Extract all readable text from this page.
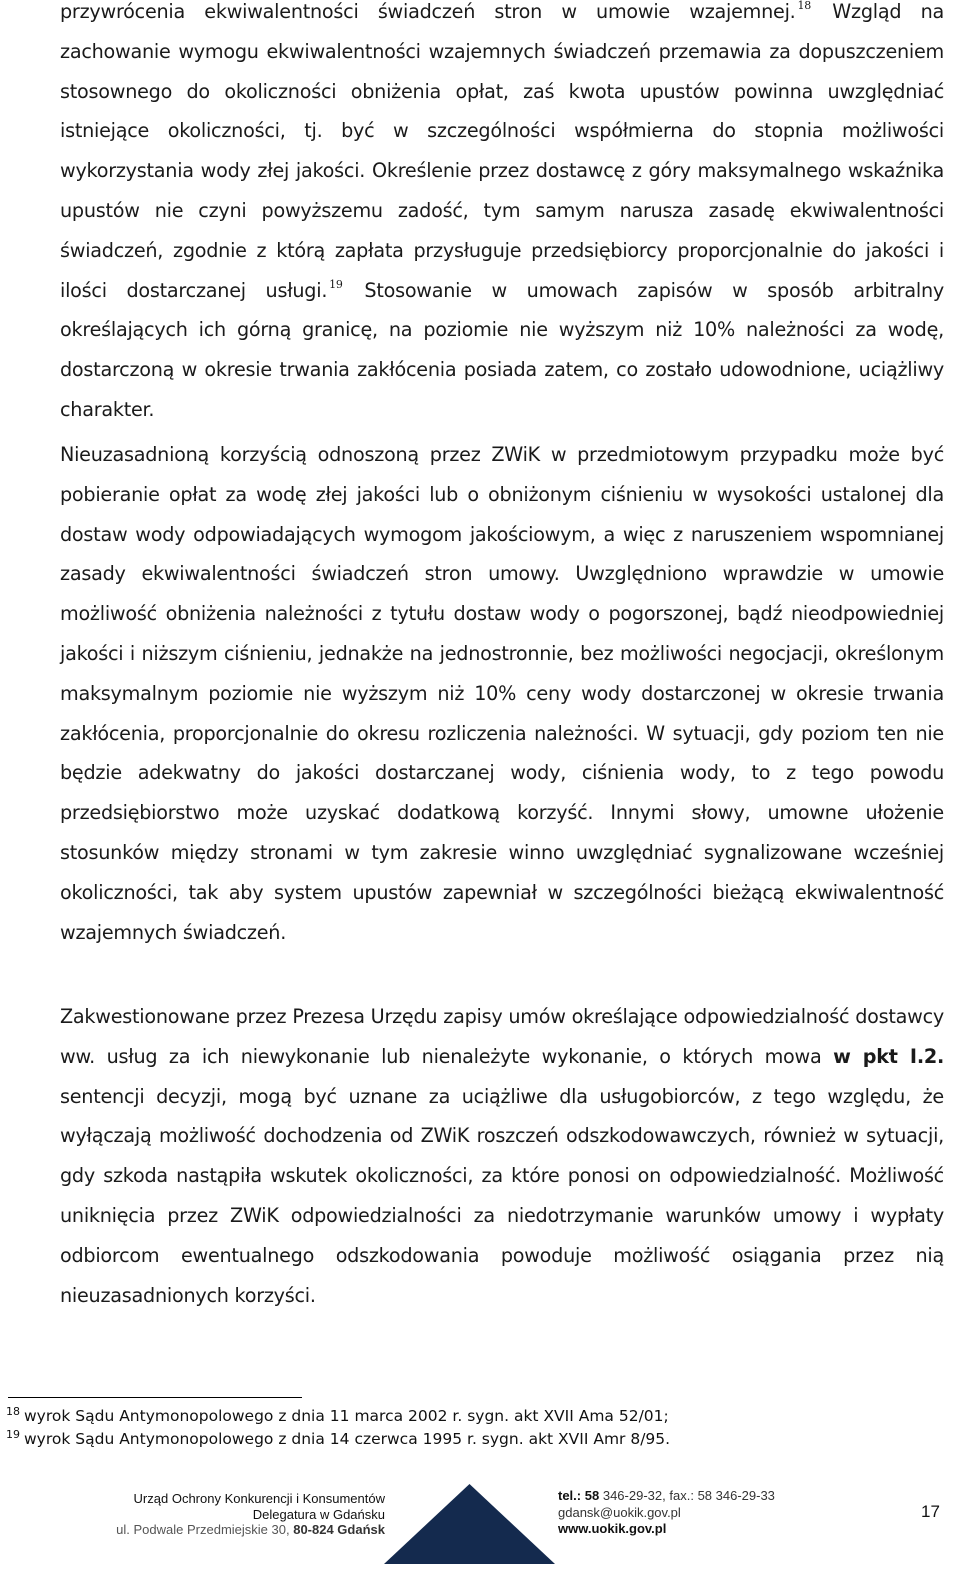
przywrócenia ekwiwalentności świadczeń stron w umowie wzajemnej. $^{18}$ Wzgląd na zachowanie wymogu ekwiwalentności wzajemnych świadczeń przemawia za dopuszczeniem stosownego do okoliczności obniżenia opłat, zaś kwota upustów powinna uwzględniać istniejące okoliczności, tj. być w szczególności współmierna do stopnia możliwości wykorzystania wody złej jakości. Określenie przez dostawcę z góry maksymalnego wskaźnika upustów nie czyni powyższemu zadość, tym samym narusza zasadę ekwiwalentności świadczeń, zgodnie z którą zapłata przysługuje przedsiębiorcy proporcjonalnie do jakości i ilości dostarczanej usługi. $^{19}$ Stosowanie w umowach zapisów w sposób arbitralny określających ich górną granicę, na poziomie nie wyższym niż 10% należności za wodę, dostarczoną w okresie trwania zakłócenia posiada zatem, co zostało udowodnione, uciążliwy charakter.

Nieuzasadnioną korzyścią odnoszoną przez ZWiK w przedmiotowym przypadku może być pobieranie opłat za wodę złej jakości lub o obniżonym ciśnieniu w wysokości ustalonej dla dostaw wody odpowiadających wymogom jakościowym, a więc z naruszeniem wspomnianej zasady ekwiwalentności świadczeń stron umowy. Uwzględniono wprawdzie w umowie możliwość obniżenia należności z tytułu dostaw wody o pogorszonej, bądź nieodpowiedniej jakości i niższym ciśnieniu, jednakże na jednostronnie, bez możliwości negocjacji, określonym maksymalnym poziomie nie wyższym niż 10% ceny wody dostarczonej w okresie trwania zakłócenia, proporcjonalnie do okresu rozliczenia należności. W sytuacji, gdy poziom ten nie będzie adekwatny do jakości dostarczanej wody, ciśnienia wody, to z tego powodu przedsiębiorstwo może uzyskać dodatkową korzyść. Innymi słowy, umowne ułożenie stosunków między stronami w tym zakresie winno uwzględniać sygnalizowane wcześniej okoliczności, tak aby system upustów zapewniał w szczególności bieżącą ekwiwalentność wzajemnych świadczeń.

Zakwestionowane przez Prezesa Urzędu zapisy umów określające odpowiedzialność dostawcy ww. usług za ich niewykonanie lub nienależyte wykonanie, o których mowa w pkt I.2. sentencji decyzji, mogą być uznane za uciążliwe dla usługobiorców, z tego względu, że wyłączają możliwość dochodzenia od ZWiK roszczeń odszkodowawczych, również w sytuacji, gdy szkoda nastąpiła wskutek okoliczności, za które ponosi on odpowiedzialność. Możliwość uniknięcia przez ZWiK odpowiedzialności za niedotrzymanie warunków umowy i wypłaty odbiorcom ewentualnego odszkodowania powoduje możliwość osiągania przez nią nieuzasadnionych korzyści.

$^{18}$ wyrok Sądu Antymonopolowego z dnia 11 marca 2002 r. sygn. akt XVII Ama 52/01;

$^{19}$ wyrok Sądu Antymonopolowego z dnia 14 czerwca 1995 r. sygn. akt XVII Amr 8/95.

Urząd Ochrony Konkurencji i Konsumentów
Delegatura w Gdańsku
ul. Podwale Przedmiejskie 30, 80-824 Gdańsk
tel.: 58 346-29-32, fax.: 58 346-29-33
gdansk@uokik.gov.pl
www.uokik.gov.pl
17
